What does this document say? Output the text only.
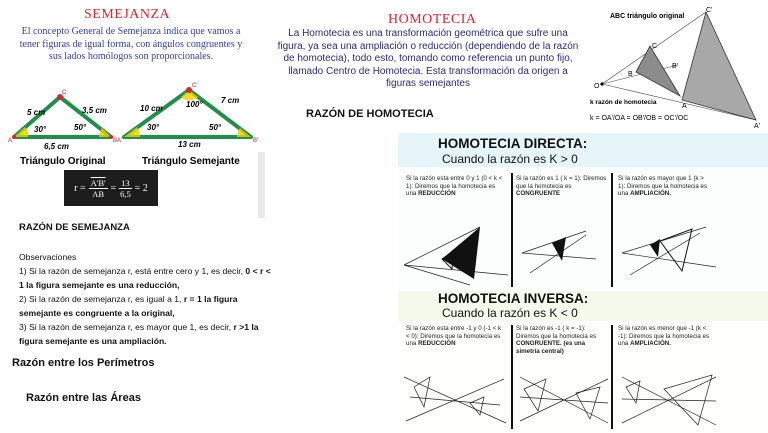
SEMEJANZA
El concepto General de Semejanza indica que vamos a tener figuras de igual forma, con ángulos congruentes y sus lados homólogos son proporcionales.
5 cm	3,5 cm
6,5 cm
30°	50°
A	B
C
Triángulo Original
10 cm
7 cm
13 cm
30°	50°
100°
A'	B'
C'
Triángulo Semejante
$r = \frac{A'B'}{AB} = \frac{13}{6,5} = 2$
RAZÓN DE SEMEJANZA
Observaciones
1) Si la razón de semejanza r, está entre cero y 1, es decir, 0 < r < 1 la figura semejante es una reducción,
2) Si la razón de semejanza r, es igual a 1, r = 1 la figura semejante es congruente a la original,
3) Si la razón de semejanza r, es mayor que 1, es decir, r >1 la figura semejante es una ampliación.
Razón entre los Perímetros
Razón entre las Áreas
HOMOTECIA
La Homotecia es una transformación geométrica que sufre una figura, ya sea una ampliación o reducción (dependiendo de la razón de homotecia), todo esto, tomando como referencia un punto fijo, llamado Centro de Homotecia. Esta transformación da origen a figuras semejantes
RAZÓN DE HOMOTECIA
ABC triángulo original
O
B
C
A
B'
C'
A'
k razón de homotecia
k = OA'/OA = OB'/OB = OC'/OC
HOMOTECIA DIRECTA:
Cuando la razón es K > 0
Si la razón esta entre 0 y 1 (0 < k < 1): Diremos que la homotecia es una REDUCCIÓN
Si la razón es 1 ( k = 1): Diremos que la homotecia es CONGRUENTE
Si la razón es mayor que 1 (k > 1): Diremos que la homotecia es una AMPLIACIÓN.
HOMOTECIA INVERSA:
Cuando la razón es K < 0
Si la razón esta entre -1 y 0 (-1 < k < 0): Diremos que la homotecia es una REDUCCIÓN
Si la razón es -1 ( k = -1): Diremos que la homotecia es CONGRUENTE. (es una simetría central)
Si la razón es menor que -1 (k < -1): Diremos que la homotecia es una AMPLIACIÓN.
